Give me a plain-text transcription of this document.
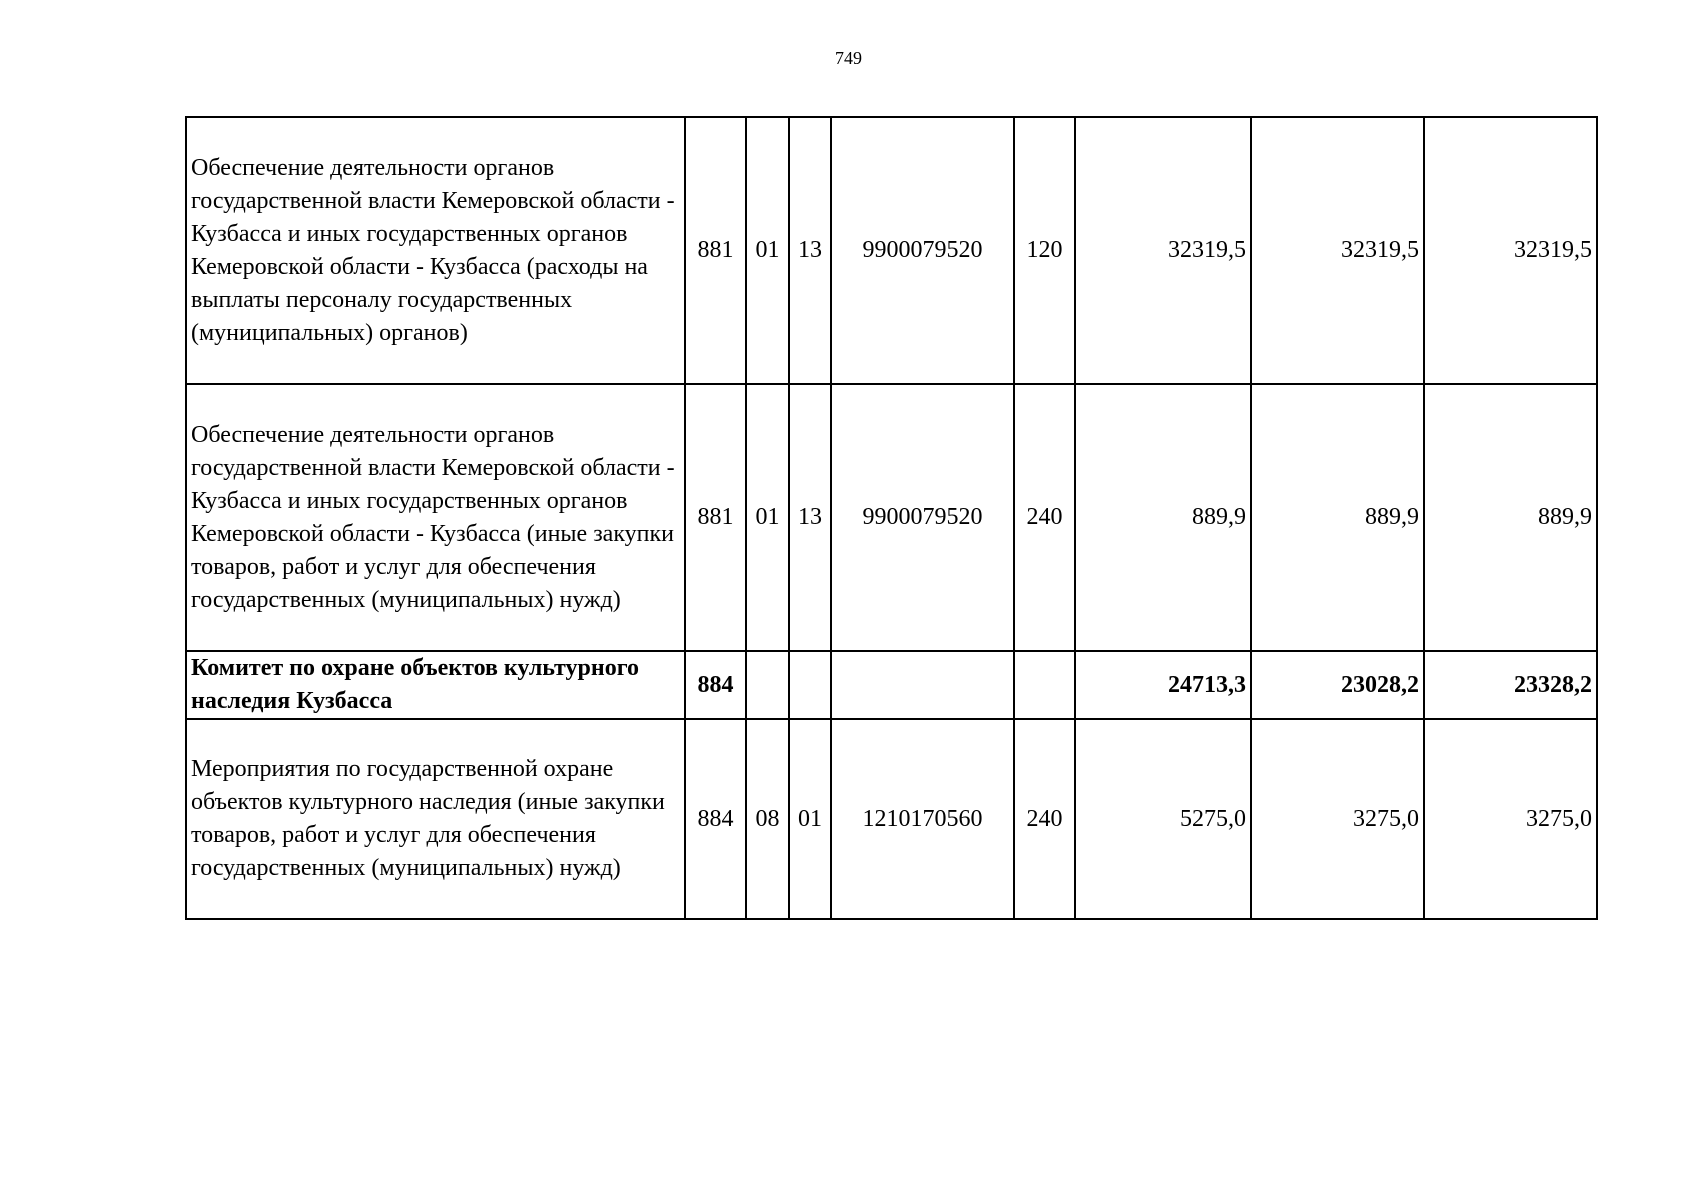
749
Обеспечение деятельности органов государственной власти Кемеровской области - Кузбасса и иных государственных органов Кемеровской области - Кузбасса (расходы на выплаты персоналу государственных (муниципальных) органов)	881	01	13	9900079520	120	32319,5	32319,5	32319,5
Обеспечение деятельности органов государственной власти Кемеровской области - Кузбасса и иных государственных органов Кемеровской области - Кузбасса (иные закупки товаров, работ и услуг для обеспечения государственных (муниципальных) нужд)	881	01	13	9900079520	240	889,9	889,9	889,9
Комитет по охране объектов культурного наследия Кузбасса	884					24713,3	23028,2	23328,2
Мероприятия по государственной охране объектов культурного наследия (иные закупки товаров, работ и услуг для обеспечения государственных (муниципальных) нужд)	884	08	01	1210170560	240	5275,0	3275,0	3275,0
